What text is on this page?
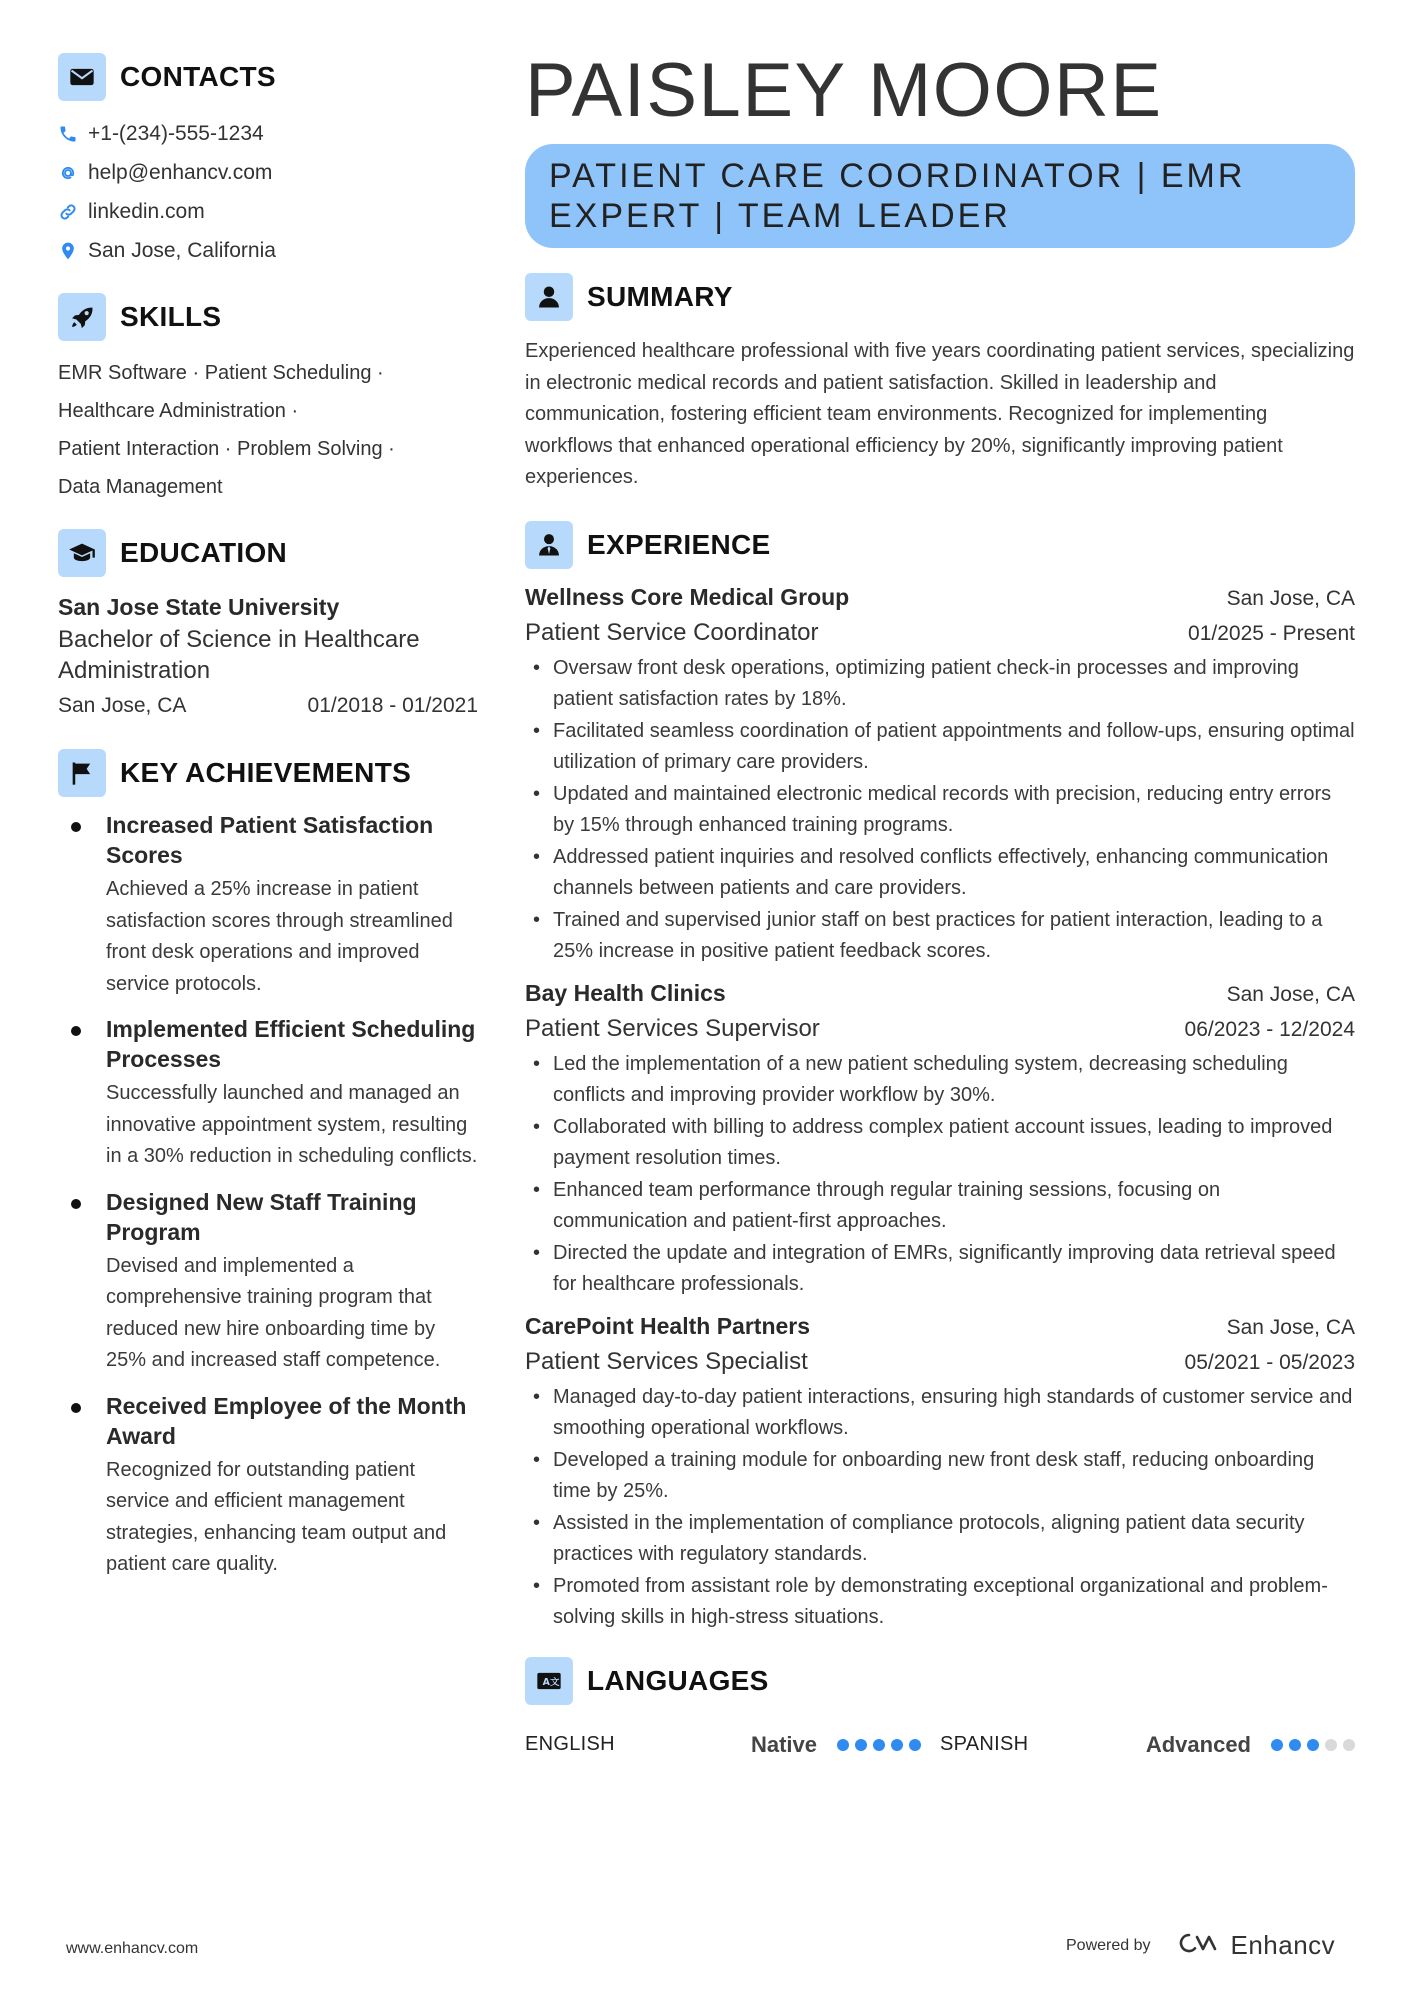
CONTACTS
+1-(234)-555-1234
help@enhancv.com
linkedin.com
San Jose, California
SKILLS
EMR Software · Patient Scheduling ·
Healthcare Administration ·
Patient Interaction · Problem Solving ·
Data Management
EDUCATION
San Jose State University
Bachelor of Science in Healthcare Administration
San Jose, CA	01/2018 - 01/2021
KEY ACHIEVEMENTS
Increased Patient Satisfaction Scores
Achieved a 25% increase in patient satisfaction scores through streamlined front desk operations and improved service protocols.
Implemented Efficient Scheduling Processes
Successfully launched and managed an innovative appointment system, resulting in a 30% reduction in scheduling conflicts.
Designed New Staff Training Program
Devised and implemented a comprehensive training program that reduced new hire onboarding time by 25% and increased staff competence.
Received Employee of the Month Award
Recognized for outstanding patient service and efficient management strategies, enhancing team output and patient care quality.
PAISLEY MOORE
PATIENT CARE COORDINATOR | EMR
EXPERT | TEAM LEADER
SUMMARY
Experienced healthcare professional with five years coordinating patient services, specializing in electronic medical records and patient satisfaction. Skilled in leadership and communication, fostering efficient team environments. Recognized for implementing workflows that enhanced operational efficiency by 20%, significantly improving patient experiences.
EXPERIENCE
Wellness Core Medical Group	San Jose, CA
Patient Service Coordinator	01/2025 - Present
• Oversaw front desk operations, optimizing patient check-in processes and improving patient satisfaction rates by 18%.
• Facilitated seamless coordination of patient appointments and follow-ups, ensuring optimal utilization of primary care providers.
• Updated and maintained electronic medical records with precision, reducing entry errors by 15% through enhanced training programs.
• Addressed patient inquiries and resolved conflicts effectively, enhancing communication channels between patients and care providers.
• Trained and supervised junior staff on best practices for patient interaction, leading to a 25% increase in positive patient feedback scores.
Bay Health Clinics	San Jose, CA
Patient Services Supervisor	06/2023 - 12/2024
• Led the implementation of a new patient scheduling system, decreasing scheduling conflicts and improving provider workflow by 30%.
• Collaborated with billing to address complex patient account issues, leading to improved payment resolution times.
• Enhanced team performance through regular training sessions, focusing on communication and patient-first approaches.
• Directed the update and integration of EMRs, significantly improving data retrieval speed for healthcare professionals.
CarePoint Health Partners	San Jose, CA
Patient Services Specialist	05/2021 - 05/2023
• Managed day-to-day patient interactions, ensuring high standards of customer service and smoothing operational workflows.
• Developed a training module for onboarding new front desk staff, reducing onboarding time by 25%.
• Assisted in the implementation of compliance protocols, aligning patient data security practices with regulatory standards.
• Promoted from assistant role by demonstrating exceptional organizational and problem-solving skills in high-stress situations.
A 文 LANGUAGES
ENGLISH	Native	SPANISH	Advanced
www.enhancv.com	Powered by	Enhancv
